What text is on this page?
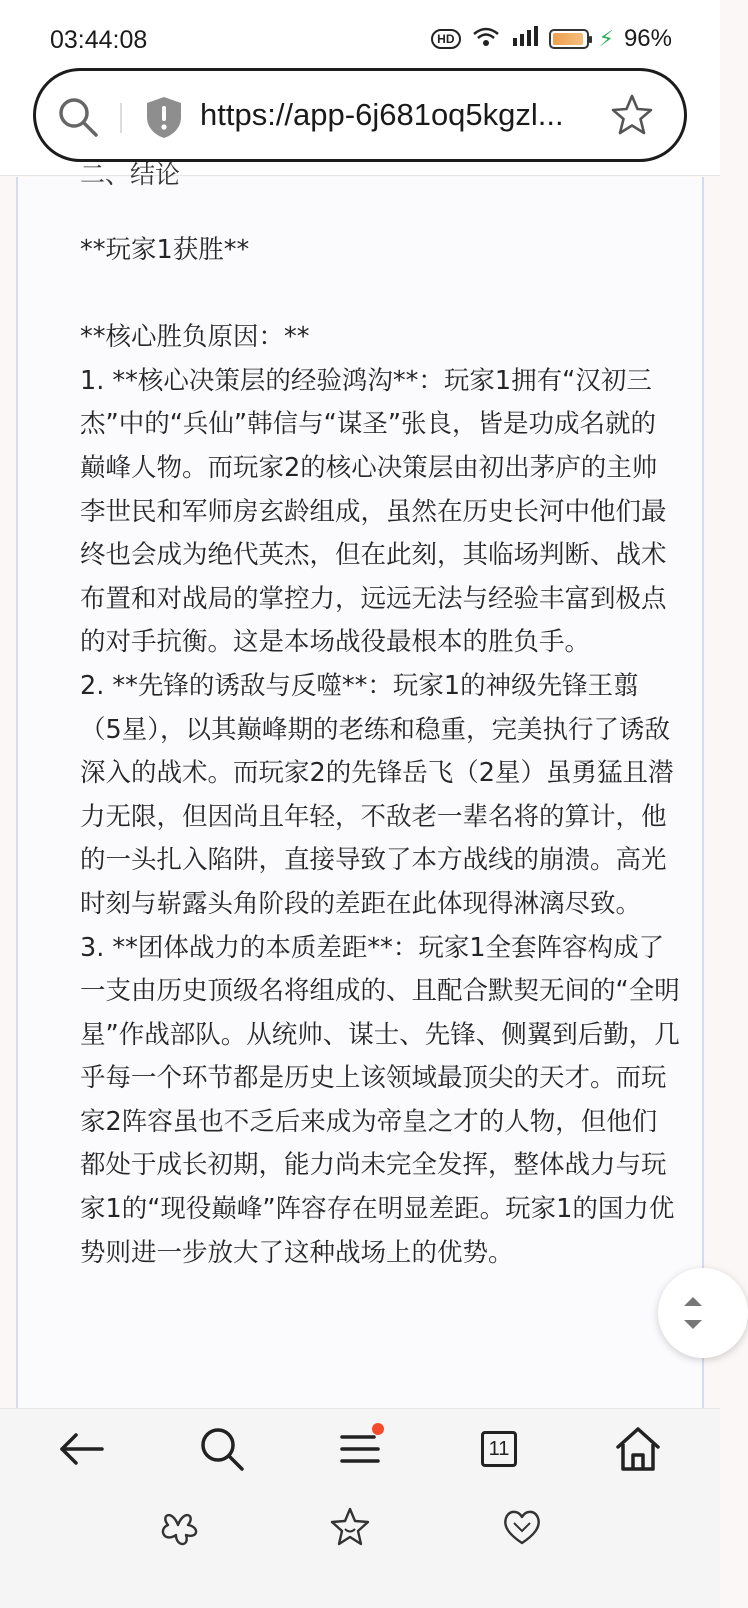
03:44:08	HD	⚡ 96%
https://app-6j681oq5kgzl...
二、结论

**玩家1获胜**

**核心胜负原因：**

1. **核心决策层的经验鸿沟**：玩家1拥有“汉初三杰”中的“兵仙”韩信与“谋圣”张良，皆是功成名就的巅峰人物。而玩家2的核心决策层由初出茅庐的主帅李世民和军师房玄龄组成，虽然在历史长河中他们最终也会成为绝代英杰，但在此刻，其临场判断、战术布置和对战局的掌控力，远远无法与经验丰富到极点的对手抗衡。这是本场战役最根本的胜负手。

2. **先锋的诱敌与反噬**：玩家1的神级先锋王翦（5星），以其巅峰期的老练和稳重，完美执行了诱敌深入的战术。而玩家2的先锋岳飞（2星）虽勇猛且潜力无限，但因尚且年轻，不敌老一辈名将的算计，他的一头扎入陷阱，直接导致了本方战线的崩溃。高光时刻与崭露头角阶段的差距在此体现得淋漓尽致。

3. **团体战力的本质差距**：玩家1全套阵容构成了一支由历史顶级名将组成的、且配合默契无间的“全明星”作战部队。从统帅、谋士、先锋、侧翼到后勤，几乎每一个环节都是历史上该领域最顶尖的天才。而玩家2阵容虽也不乏后来成为帝皇之才的人物，但他们都处于成长初期，能力尚未完全发挥，整体战力与玩家1的“现役巅峰”阵容存在明显差距。玩家1的国力优势则进一步放大了这种战场上的优势。

11
